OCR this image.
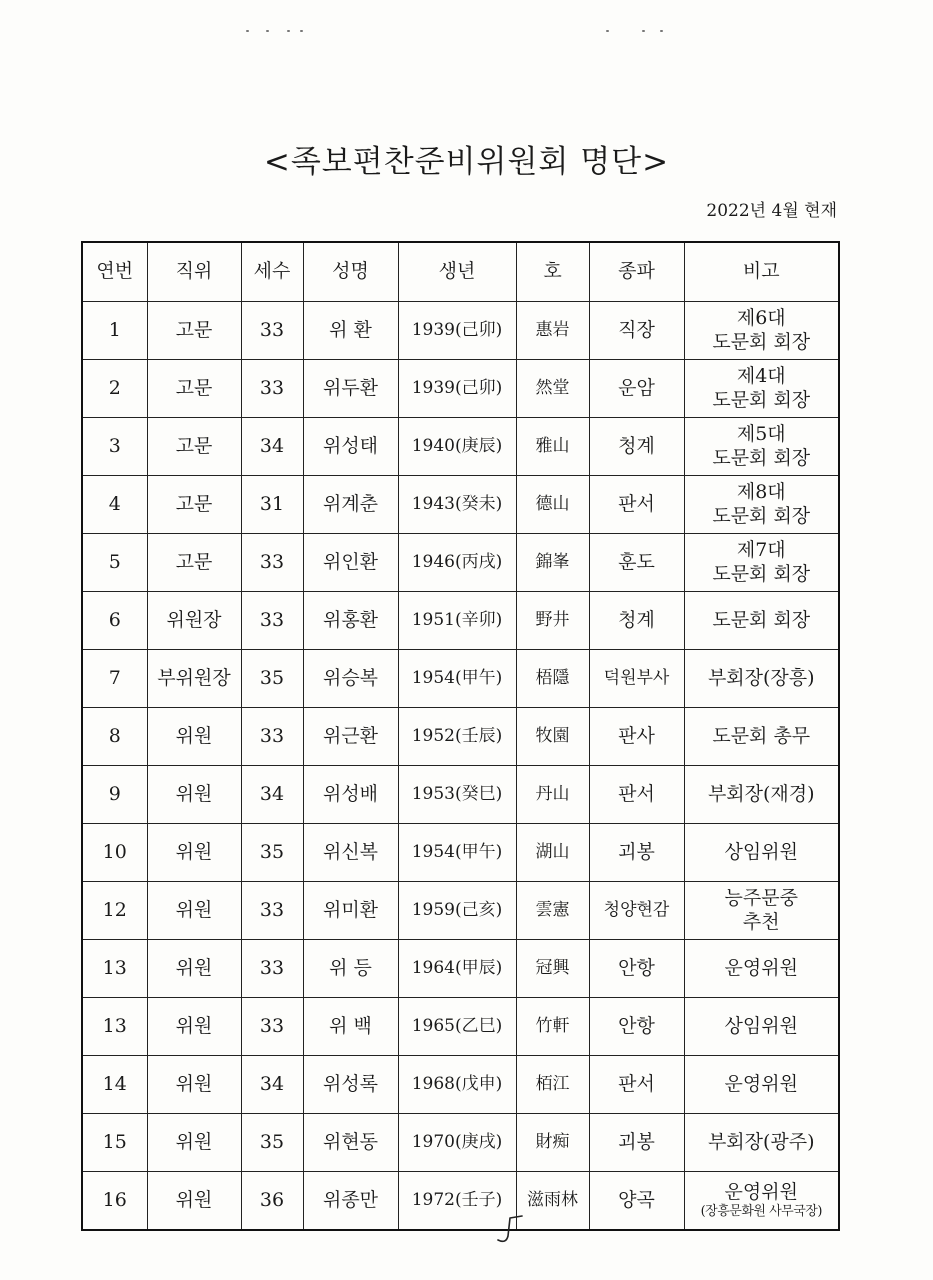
<족보편찬준비위원회 명단>
2022년 4월 현재
연번	직위	세수	성명	생년	호	종파	비고
1	고문	33	위 환	1939(己卯)	惠岩	직장	제6대
도문회 회장

2	고문	33	위두환	1939(己卯)	然堂	운암	제4대
도문회 회장

3	고문	34	위성태	1940(庚辰)	雅山	청계	제5대
도문회 회장

4	고문	31	위계춘	1943(癸未)	德山	판서	제8대
도문회 회장

5	고문	33	위인환	1946(丙戌)	錦峯	훈도	제7대
도문회 회장

6	위원장	33	위홍환	1951(辛卯)	野井	청계	도문회 회장

7	부위원장	35	위승복	1954(甲午)	梧隱	덕원부사	부회장(장흥)

8	위원	33	위근환	1952(壬辰)	牧園	판사	도문회 총무

9	위원	34	위성배	1953(癸巳)	丹山	판서	부회장(재경)

10	위원	35	위신복	1954(甲午)	湖山	괴봉	상임위원

12	위원	33	위미환	1959(己亥)	雲憲	청양현감	능주문중
추천

13	위원	33	위 등	1964(甲辰)	冠興	안항	운영위원

13	위원	33	위 백	1965(乙巳)	竹軒	안항	상임위원

14	위원	34	위성록	1968(戊申)	栢江	판서	운영위원

15	위원	35	위현동	1970(庚戌)	財痴	괴봉	부회장(광주)

16	위원	36	위종만	1972(壬子)	滋雨林	양곡	운영위원
(장흥문화원 사무국장)
